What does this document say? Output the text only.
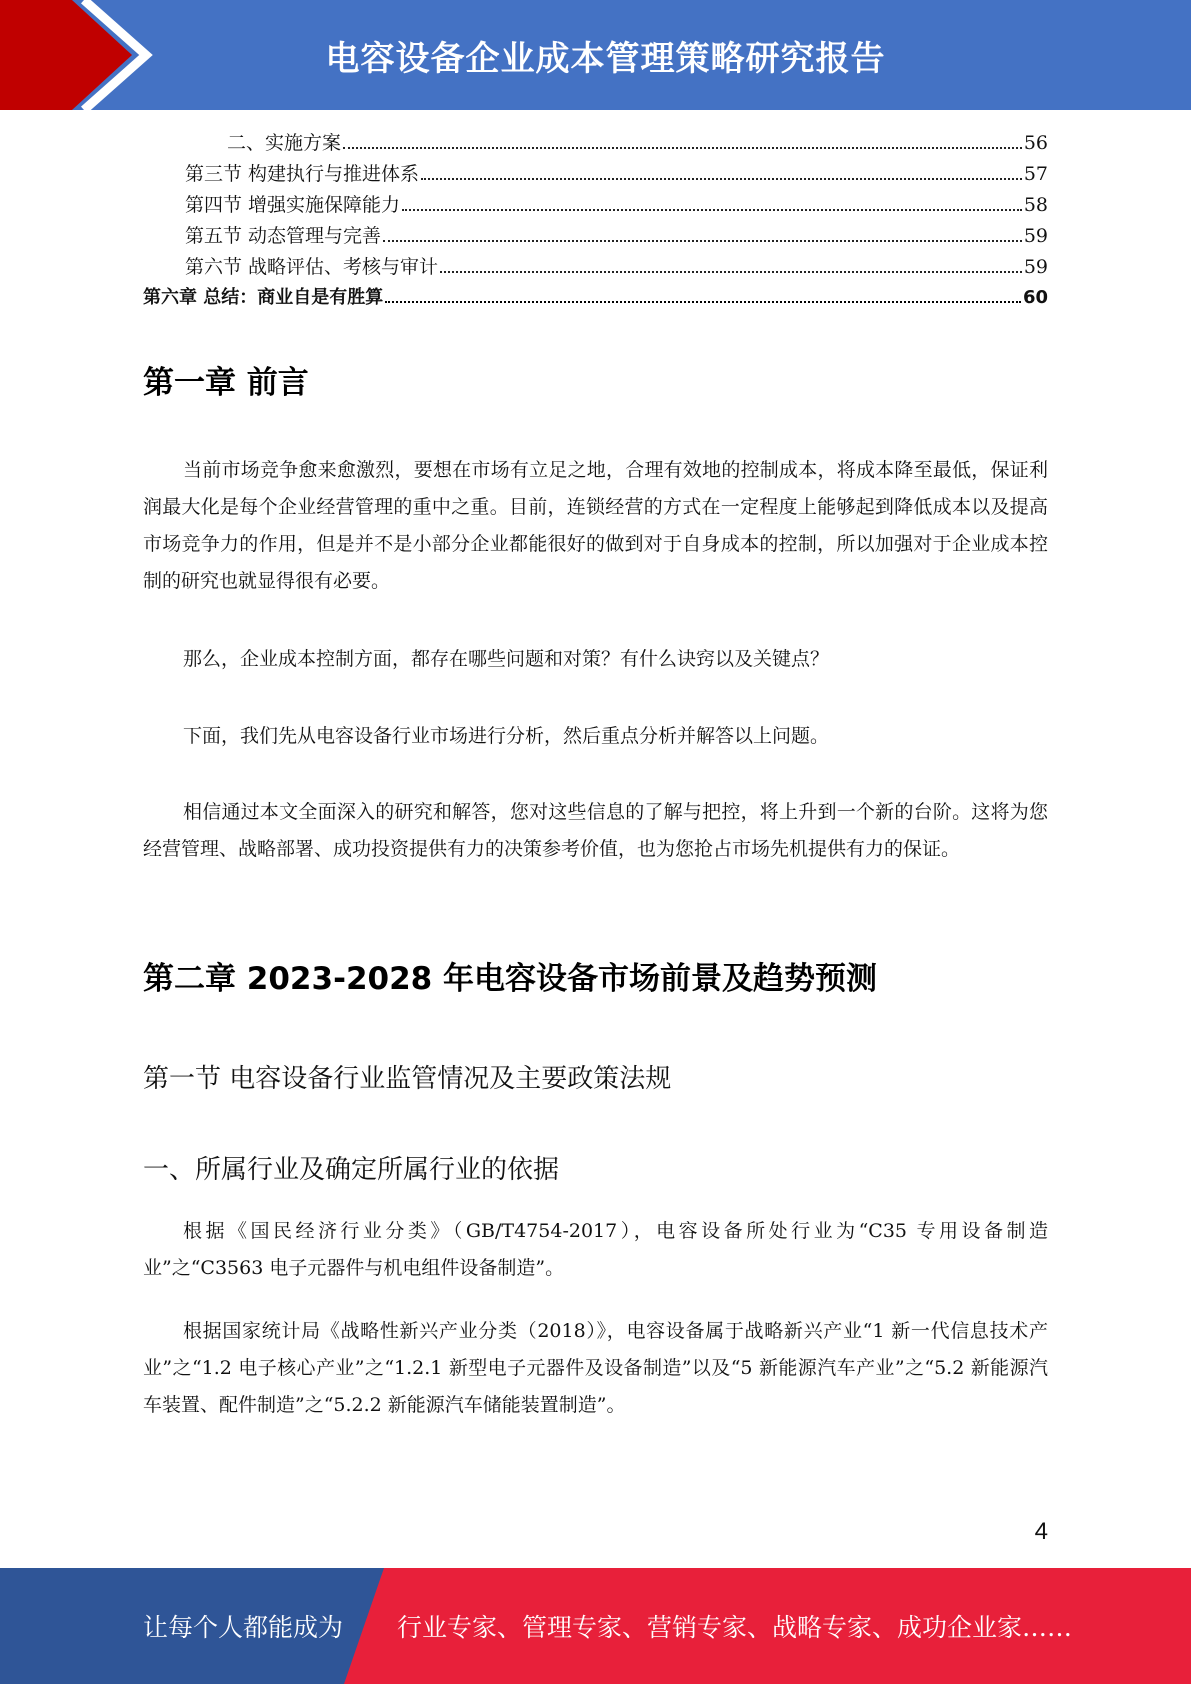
电容设备企业成本管理策略研究报告
二、实施方案	56
第三节 构建执行与推进体系	57
第四节 增强实施保障能力	58
第五节 动态管理与完善	59
第六节 战略评估、考核与审计	59
第六章 总结：商业自是有胜算	60
第一章 前言
当前市场竞争愈来愈激烈，要想在市场有立足之地，合理有效地的控制成本，将成本降至最低，保证利润最大化是每个企业经营管理的重中之重。目前，连锁经营的方式在一定程度上能够起到降低成本以及提高市场竞争力的作用，但是并不是小部分企业都能很好的做到对于自身成本的控制，所以加强对于企业成本控制的研究也就显得很有必要。
那么，企业成本控制方面，都存在哪些问题和对策？有什么诀窍以及关键点？
下面，我们先从电容设备行业市场进行分析，然后重点分析并解答以上问题。
相信通过本文全面深入的研究和解答，您对这些信息的了解与把控，将上升到一个新的台阶。这将为您经营管理、战略部署、成功投资提供有力的决策参考价值，也为您抢占市场先机提供有力的保证。
第二章 2023-2028 年电容设备市场前景及趋势预测
第一节 电容设备行业监管情况及主要政策法规
一、所属行业及确定所属行业的依据
根据《国民经济行业分类》（GB/T4754-2017），电容设备所处行业为“C35 专用设备制造业”之“C3563 电子元器件与机电组件设备制造”。
根据国家统计局《战略性新兴产业分类（2018）》，电容设备属于战略新兴产业“1 新一代信息技术产业”之“1.2 电子核心产业”之“1.2.1 新型电子元器件及设备制造”以及“5 新能源汽车产业”之“5.2 新能源汽车装置、配件制造”之“5.2.2 新能源汽车储能装置制造”。
4
让每个人都能成为 行业专家、管理专家、营销专家、战略专家、成功企业家……
